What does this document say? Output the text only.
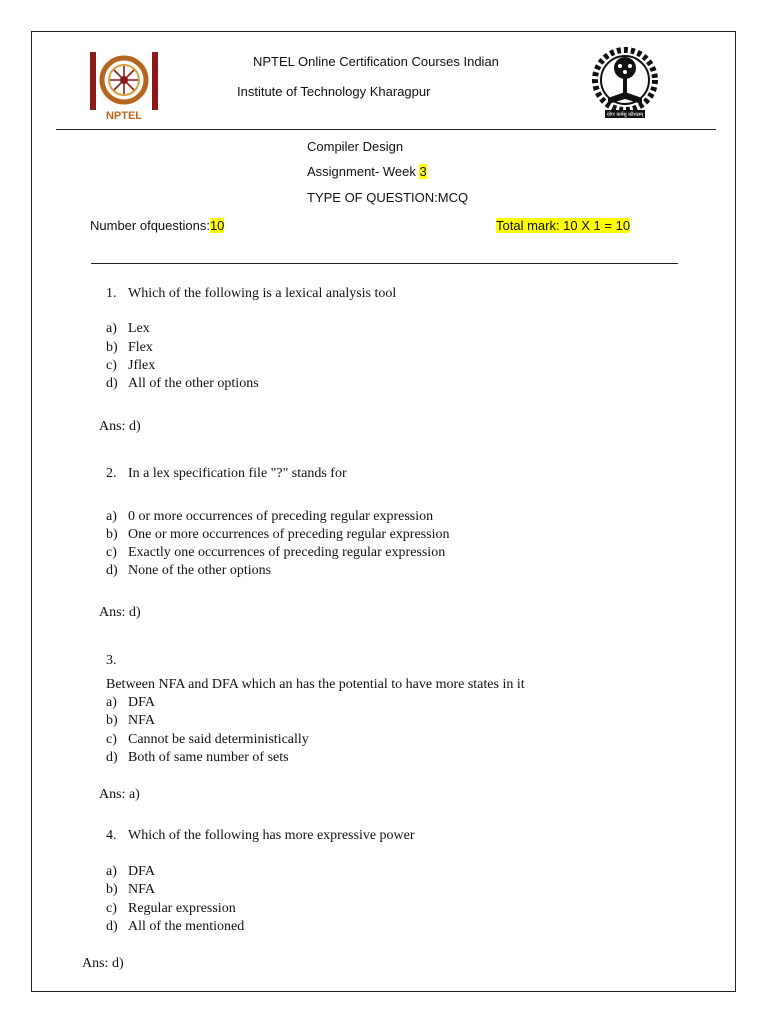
NPTEL	योगः कर्मसु कौशलम्
NPTEL Online Certification Courses Indian
Institute of Technology Kharagpur
Compiler Design
Assignment- Week 3
TYPE OF QUESTION:MCQ
Number ofquestions:10	Total mark: 10 X 1 = 10
1. Which of the following is a lexical analysis tool
a) Lex
b) Flex
c) Jflex
d) All of the other options
Ans: d)
2. In a lex specification file "?" stands for
a) 0 or more occurrences of preceding regular expression
b) One or more occurrences of preceding regular expression
c) Exactly one occurrences of preceding regular expression
d) None of the other options
Ans: d)
3.
Between NFA and DFA which an has the potential to have more states in it
a) DFA
b) NFA
c) Cannot be said deterministically
d) Both of same number of sets
Ans: a)
4. Which of the following has more expressive power
a) DFA
b) NFA
c) Regular expression
d) All of the mentioned
Ans: d)
